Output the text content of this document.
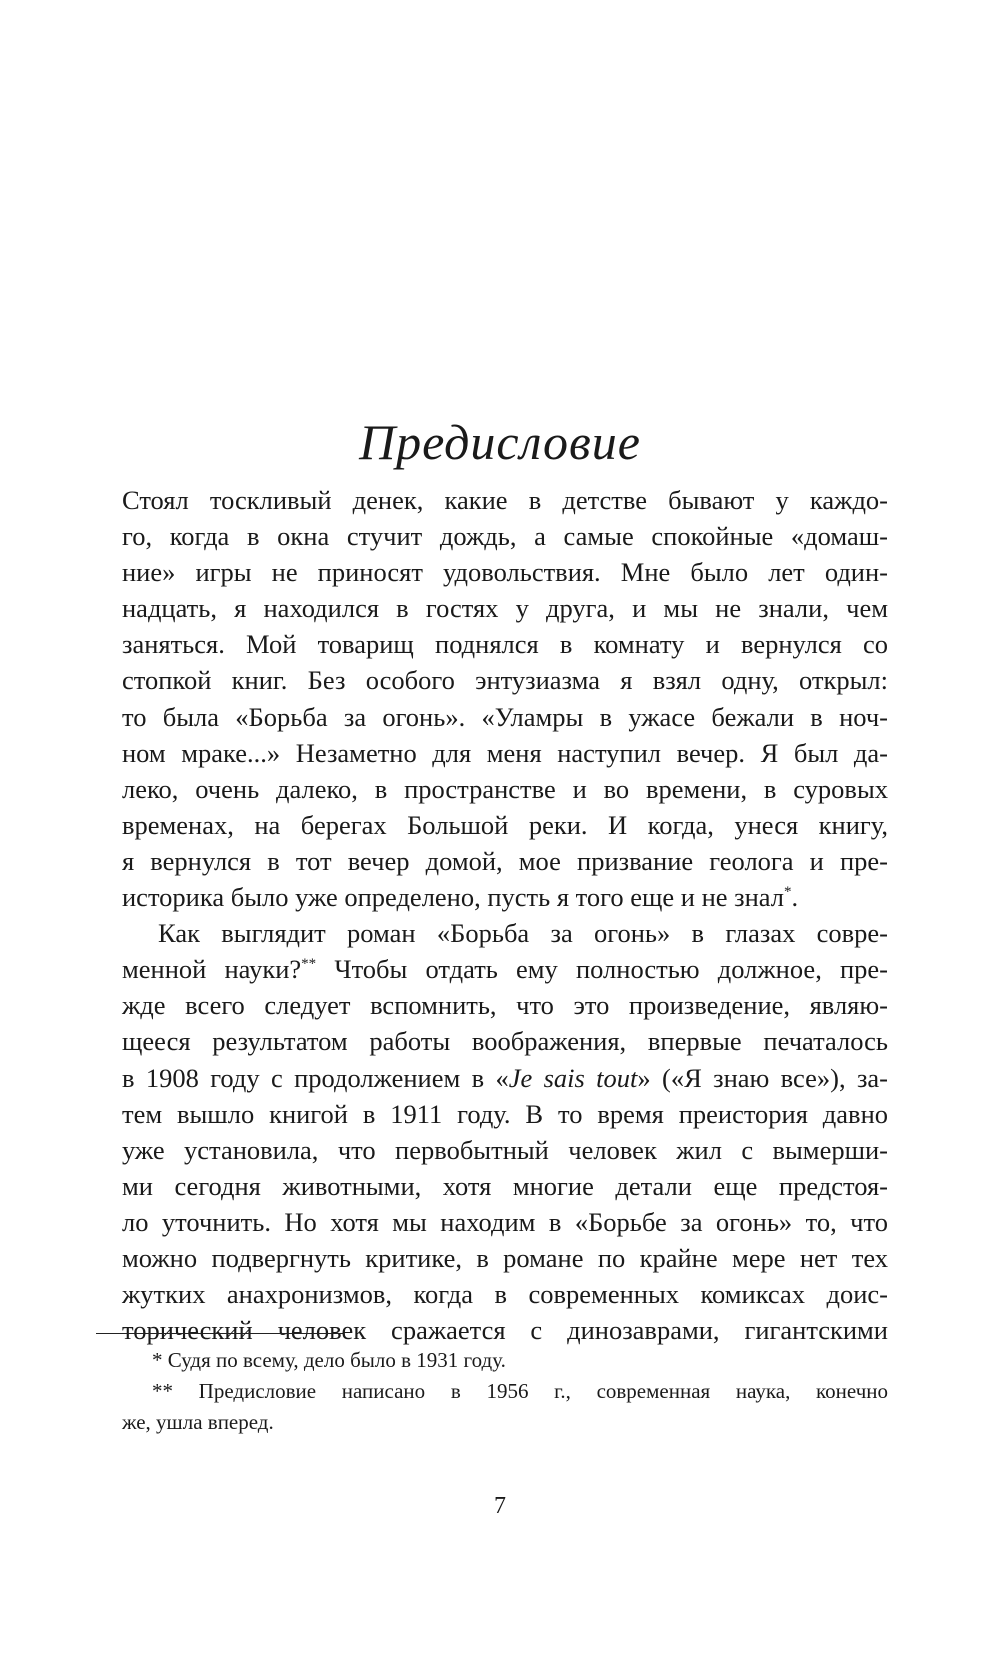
Предисловие
Стоял тоскливый денек, какие в детстве бывают у каждо-
го, когда в окна стучит дождь, а самые спокойные «домаш-
ние» игры не приносят удовольствия. Мне было лет один-
надцать, я находился в гостях у друга, и мы не знали, чем
заняться. Мой товарищ поднялся в комнату и вернулся со
стопкой книг. Без особого энтузиазма я взял одну, открыл:
то была «Борьба за огонь». «Уламры в ужасе бежали в ноч-
ном мраке...» Незаметно для меня наступил вечер. Я был да-
леко, очень далеко, в пространстве и во времени, в суровых
временах, на берегах Большой реки. И когда, унеся книгу,
я вернулся в тот вечер домой, мое призвание геолога и пре-
историка было уже определено, пусть я того еще и не знал*.
Как выглядит роман «Борьба за огонь» в глазах совре-
менной науки?** Чтобы отдать ему полностью должное, пре-
жде всего следует вспомнить, что это произведение, являю-
щееся результатом работы воображения, впервые печаталось
в 1908 году с продолжением в «Je sais tout» («Я знаю все»), за-
тем вышло книгой в 1911 году. В то время преистория давно
уже установила, что первобытный человек жил с вымерши-
ми сегодня животными, хотя многие детали еще предстоя-
ло уточнить. Но хотя мы находим в «Борьбе за огонь» то, что
можно подвергнуть критике, в романе по крайне мере нет тех
жутких анахронизмов, когда в современных комиксах доис-
торический человек сражается с динозаврами, гигантскими
* Судя по всему, дело было в 1931 году.
** Предисловие написано в 1956 г., современная наука, конечно
же, ушла вперед.
7
